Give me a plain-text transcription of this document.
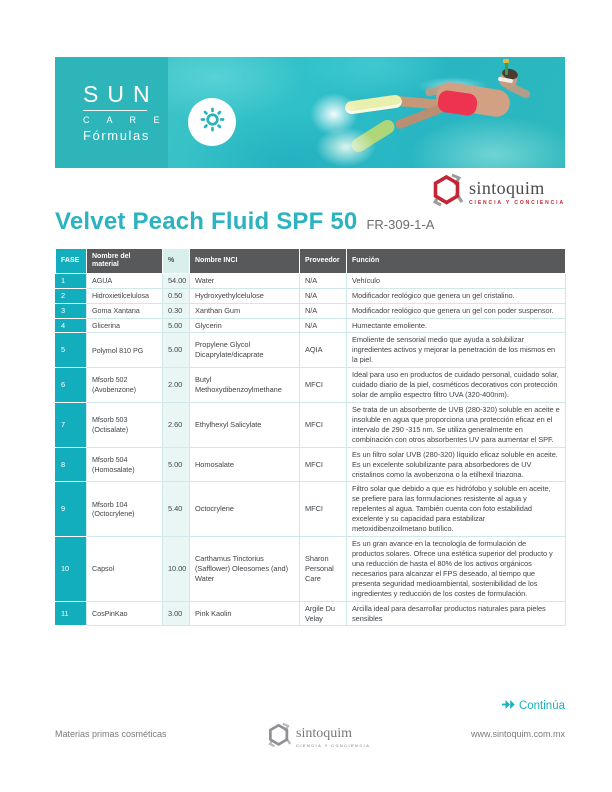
SUN
C A R E
Fórmulas
sintoquim
CIENCIA Y CONCIENCIA
Velvet Peach Fluid SPF 50 FR-309-1-A
FASE	Nombre del material	%	Nombre INCI	Proveedor	Función
1	AGUA	54.00	Water	N/A	Vehículo
2	Hidroxietilcelulosa	0.50	Hydroxyethylcelulose	N/A	Modificador reológico que genera un gel cristalino.
3	Goma Xantana	0.30	Xanthan Gum	N/A	Modificador reológico que genera un gel con poder suspensor.
4	Glicerina	5.00	Glycerin	N/A	Humectante emoliente.
5	Polymol 810 PG	5.00	Propylene Glycol Dicaprylate/dicaprate	AQIA	Emoliente de sensorial medio que ayuda a solubilizar ingredientes activos y mejorar la penetración de los mismos en la piel.
6	Mfsorb 502 (Avobenzone)	2.00	Butyl Methoxydibenzoylmethane	MFCI	Ideal para uso en productos de cuidado personal, cuidado solar, cuidado diario de la piel, cosméticos decorativos con protección solar de amplio espectro filtro UVA (320-400nm).
7	Mfsorb 503 (Octisalate)	2.60	Ethylhexyl Salicylate	MFCI	Se trata de un absorbente de UVB (280-320) soluble en aceite e insoluble en agua que proporciona una protección eficaz en el intervalo de 290 -315 nm. Se utiliza generalmente en combinación con otros absorbentes UV para aumentar el SPF.
8	Mfsorb 504 (Homosalate)	5.00	Homosalate	MFCI	Es un filtro solar UVB (280-320) líquido eficaz soluble en aceite. Es un excelente solubilizante para absorbedores de UV cristalinos como la avobenzona o la etilhexil triazona.
9	Mfsorb 104 (Octocrylene)	5.40	Octocrylene	MFCI	Filtro solar que debido a que es hidrófobo y soluble en aceite, se prefiere para las formulaciones resistente al agua y repelentes al agua. También cuenta con foto estabilidad excelente y su capacidad para estabilizar metoxidibenzoilmetano butílico.
10	Capsol	10.00	Carthamus Tinctorius (Safflower) Oleosomes (and) Water	Sharon Personal Care	Es un gran avance en la tecnología de formulación de productos solares. Ofrece una estética superior del producto y una reducción de hasta el 80% de los activos orgánicos necesarios para alcanzar el FPS deseado, al tiempo que presenta seguridad medioambiental, sostenibilidad de los ingredientes y reducción de los costes de formulación.
11	CosPinKao	3.00	Pink Kaolin	Argile Du Velay	Arcilla ideal para desarrollar productos naturales para pieles sensibles
Continúa
Materias primas cosméticas	sintoquim
CIENCIA Y CONCIENCIA
www.sintoquim.com.mx
